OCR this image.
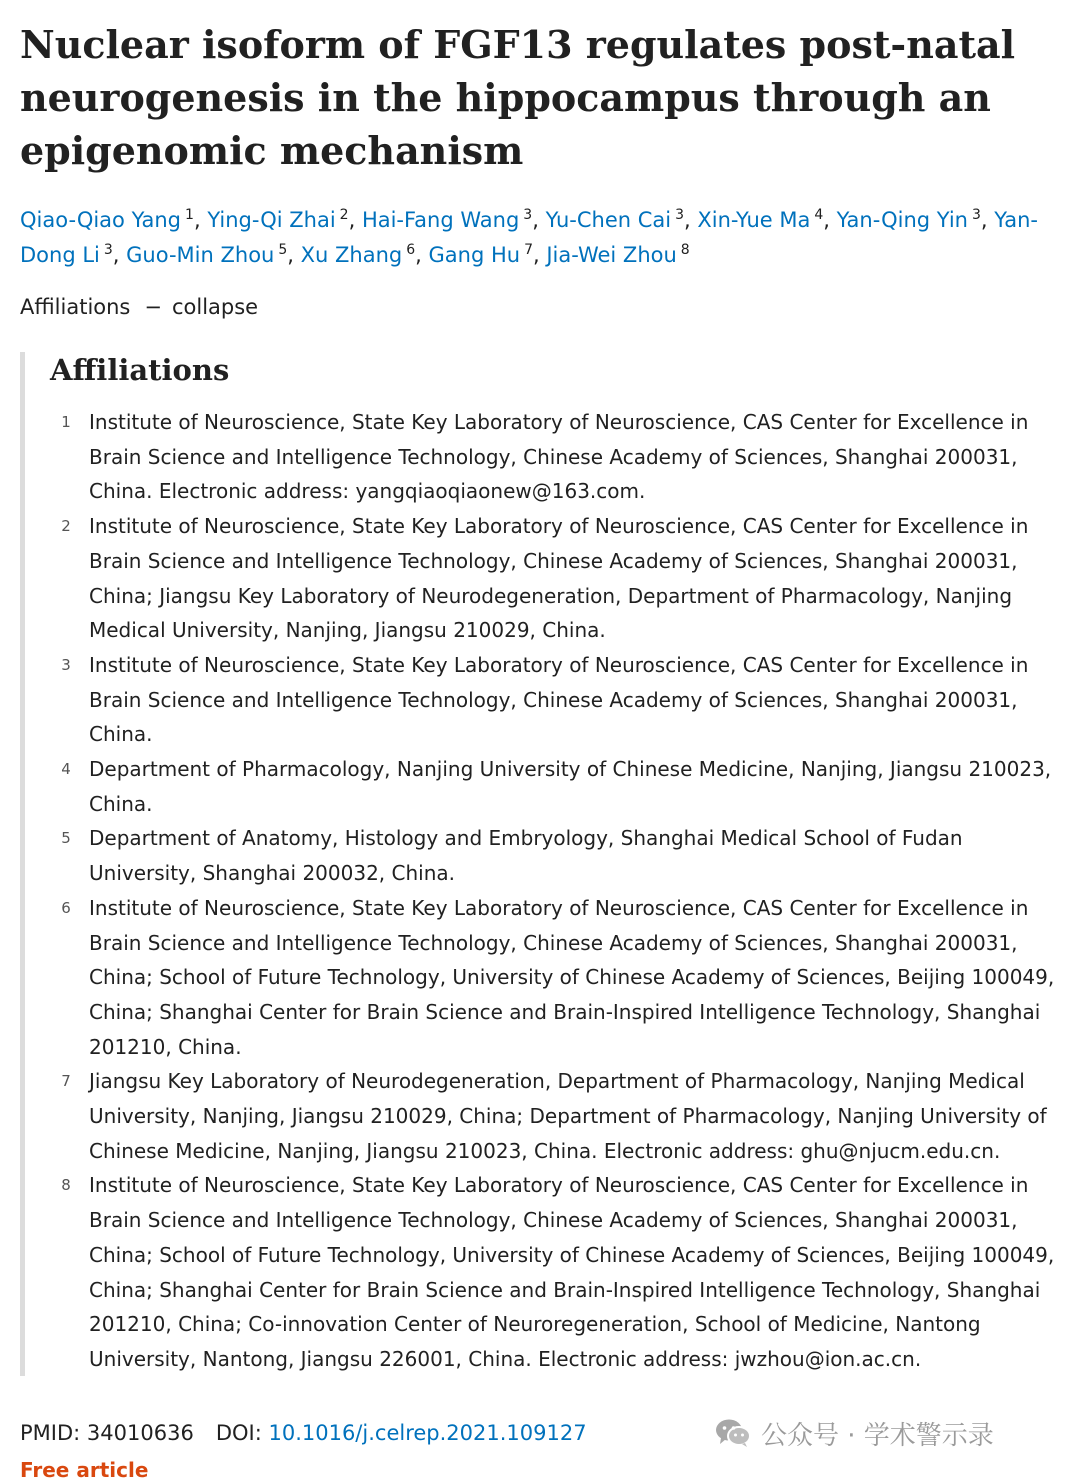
Nuclear isoform of FGF13 regulates post-natal neurogenesis in the hippocampus through an epigenomic mechanism
Qiao-Qiao Yang $^1$, Ying-Qi Zhai $^2$, Hai-Fang Wang $^3$, Yu-Chen Cai $^3$, Xin-Yue Ma $^4$, Yan-Qing Yin $^3$, Yan-Dong Li $^3$, Guo-Min Zhou $^5$, Xu Zhang $^6$, Gang Hu $^7$, Jia-Wei Zhou $^8$
Affiliations − collapse
Affiliations
1 Institute of Neuroscience, State Key Laboratory of Neuroscience, CAS Center for Excellence in Brain Science and Intelligence Technology, Chinese Academy of Sciences, Shanghai 200031, China. Electronic address: yangqiaoqiaonew@163.com.
2 Institute of Neuroscience, State Key Laboratory of Neuroscience, CAS Center for Excellence in Brain Science and Intelligence Technology, Chinese Academy of Sciences, Shanghai 200031, China; Jiangsu Key Laboratory of Neurodegeneration, Department of Pharmacology, Nanjing Medical University, Nanjing, Jiangsu 210029, China.
3 Institute of Neuroscience, State Key Laboratory of Neuroscience, CAS Center for Excellence in Brain Science and Intelligence Technology, Chinese Academy of Sciences, Shanghai 200031, China.
4 Department of Pharmacology, Nanjing University of Chinese Medicine, Nanjing, Jiangsu 210023, China.
5 Department of Anatomy, Histology and Embryology, Shanghai Medical School of Fudan University, Shanghai 200032, China.
6 Institute of Neuroscience, State Key Laboratory of Neuroscience, CAS Center for Excellence in Brain Science and Intelligence Technology, Chinese Academy of Sciences, Shanghai 200031, China; School of Future Technology, University of Chinese Academy of Sciences, Beijing 100049, China; Shanghai Center for Brain Science and Brain-Inspired Intelligence Technology, Shanghai 201210, China.
7 Jiangsu Key Laboratory of Neurodegeneration, Department of Pharmacology, Nanjing Medical University, Nanjing, Jiangsu 210029, China; Department of Pharmacology, Nanjing University of Chinese Medicine, Nanjing, Jiangsu 210023, China. Electronic address: ghu@njucm.edu.cn.
8 Institute of Neuroscience, State Key Laboratory of Neuroscience, CAS Center for Excellence in Brain Science and Intelligence Technology, Chinese Academy of Sciences, Shanghai 200031, China; School of Future Technology, University of Chinese Academy of Sciences, Beijing 100049, China; Shanghai Center for Brain Science and Brain-Inspired Intelligence Technology, Shanghai 201210, China; Co-innovation Center of Neuroregeneration, School of Medicine, Nantong University, Nantong, Jiangsu 226001, China. Electronic address: jwzhou@ion.ac.cn.
PMID: 34010636 DOI: 10.1016/j.celrep.2021.109127
Free article
公众号 · 学术警示录
